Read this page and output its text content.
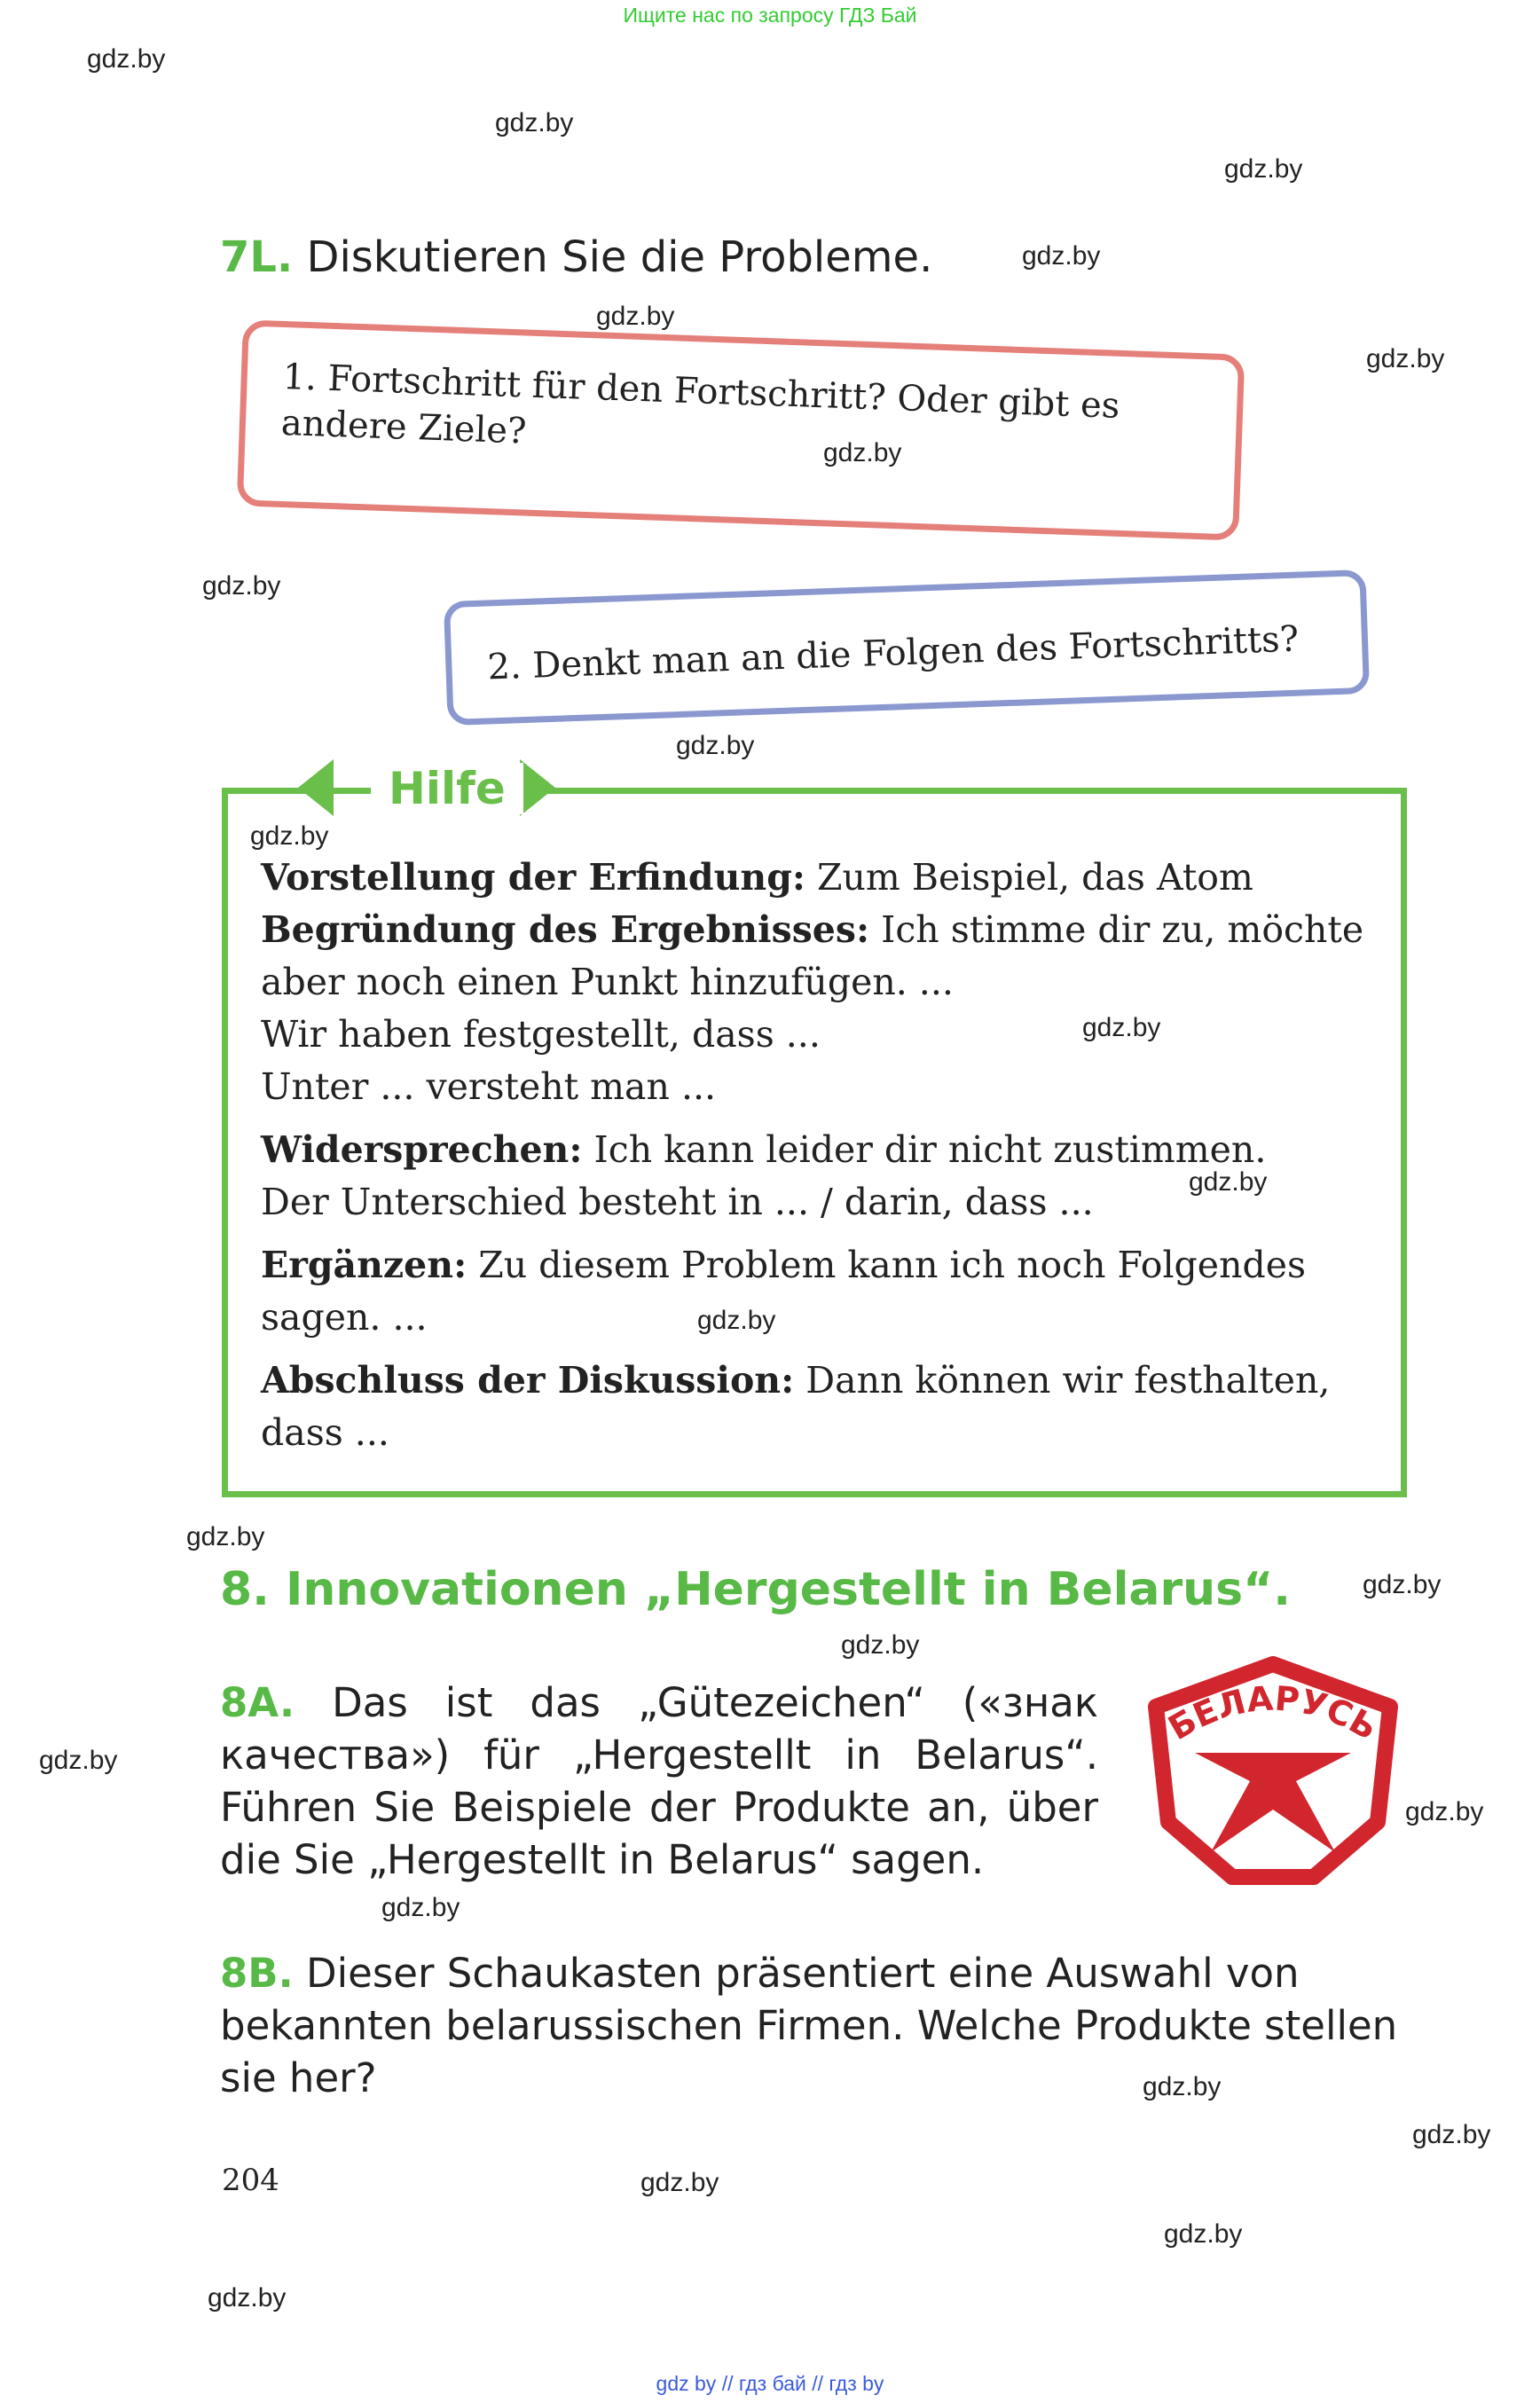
Ищите нас по запросу ГДЗ Бай
gdz.by
gdz.by
gdz.by
gdz.by
gdz.by
gdz.by
gdz.by
gdz.by
7L. Diskutieren Sie die Probleme.

1. Fortschritt für den Fortschritt? Oder gibt es andere Ziele?

gdz.by

2. Denkt man an die Folgen des Fortschritts?

Hilfe
gdz.by
Vorstellung der Erfindung: Zum Beispiel, das Atom
Begründung des Ergebnisses: Ich stimme dir zu, möchte aber noch einen Punkt hinzufügen. ...
Wir haben festgestellt, dass ...
Unter ... versteht man ...
Widersprechen: Ich kann leider dir nicht zustimmen.
Der Unterschied besteht in ... / darin, dass ...
Ergänzen: Zu diesem Problem kann ich noch Folgendes sagen. ...
Abschluss der Diskussion: Dann können wir festhalten, dass ...
gdz.by
gdz.by
gdz.by
gdz.by
8. Innovationen „Hergestellt in Belarus“.	gdz.by
gdz.by
8A. Das ist das „Gütezeichen“ («знак качества») für „Hergestellt in Belarus“. Führen Sie Beispiele der Produkte an, über die Sie „Hergestellt in Belarus“ sagen.
gdz.by
gdz.by
БЕЛАРУСЬ
gdz.by
8B. Dieser Schaukasten präsentiert eine Auswahl von bekannten belarussischen Firmen. Welche Produkte stellen sie her?	gdz.by
gdz.by
204	gdz.by
gdz.by
gdz.by
gdz by // гдз бай // гдз by
